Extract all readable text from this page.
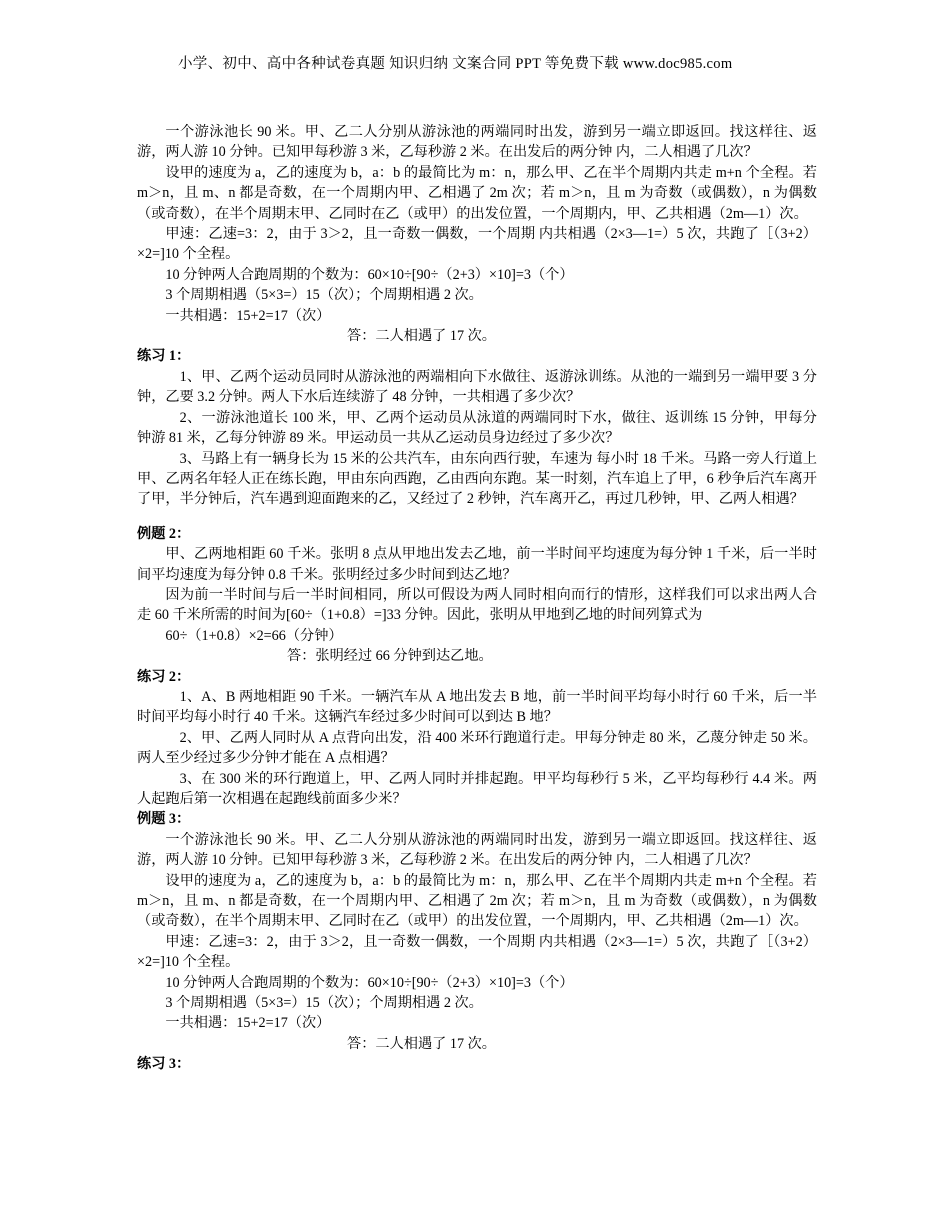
小学、初中、高中各种试卷真题 知识归纳 文案合同 PPT 等免费下载 www.doc985.com

一个游泳池长 90 米。甲、乙二人分别从游泳池的两端同时出发，游到另一端立即返回。找这样往、返游，两人游 10 分钟。已知甲每秒游 3 米，乙每秒游 2 米。在出发后的两分钟 内，二人相遇了几次？

设甲的速度为 a，乙的速度为 b，a：b 的最简比为 m：n，那么甲、乙在半个周期内共走 m+n 个全程。若 m＞n，且 m、n 都是奇数，在一个周期内甲、乙相遇了 2m 次；若 m＞n，且 m 为奇数（或偶数），n 为偶数（或奇数），在半个周期末甲、乙同时在乙（或甲）的出发位置，一个周期内，甲、乙共相遇（2m—1）次。

甲速：乙速=3：2，由于 3＞2，且一奇数一偶数，一个周期 内共相遇（2×3—1=）5 次，共跑了［（3+2）×2=]10 个全程。

10 分钟两人合跑周期的个数为：60×10÷[90÷（2+3）×10]=3（个）

3 个周期相遇（5×3=）15（次）；个周期相遇 2 次。

一共相遇：15+2=17（次）

答：二人相遇了 17 次。

练习 1：

1、甲、乙两个运动员同时从游泳池的两端相向下水做往、返游泳训练。从池的一端到另一端甲要 3 分钟，乙要 3.2 分钟。两人下水后连续游了 48 分钟，一共相遇了多少次？

2、一游泳池道长 100 米，甲、乙两个运动员从泳道的两端同时下水，做往、返训练 15 分钟，甲每分钟游 81 米，乙每分钟游 89 米。甲运动员一共从乙运动员身边经过了多少次？

3、马路上有一辆身长为 15 米的公共汽车，由东向西行驶，车速为 每小时 18 千米。马路一旁人行道上甲、乙两名年轻人正在练长跑，甲由东向西跑，乙由西向东跑。某一时刻，汽车追上了甲，6 秒争后汽车离开了甲，半分钟后，汽车遇到迎面跑来的乙，又经过了 2 秒钟，汽车离开乙，再过几秒钟，甲、乙两人相遇？

例题 2：

甲、乙两地相距 60 千米。张明 8 点从甲地出发去乙地，前一半时间平均速度为每分钟 1 千米，后一半时间平均速度为每分钟 0.8 千米。张明经过多少时间到达乙地？

因为前一半时间与后一半时间相同，所以可假设为两人同时相向而行的情形，这样我们可以求出两人合走 60 千米所需的时间为[60÷（1+0.8）=]33 分钟。因此，张明从甲地到乙地的时间列算式为

60÷（1+0.8）×2=66（分钟）

答：张明经过 66 分钟到达乙地。

练习 2：

1、A、B 两地相距 90 千米。一辆汽车从 A 地出发去 B 地，前一半时间平均每小时行 60 千米，后一半时间平均每小时行 40 千米。这辆汽车经过多少时间可以到达 B 地？

2、甲、乙两人同时从 A 点背向出发，沿 400 米环行跑道行走。甲每分钟走 80 米，乙蔑分钟走 50 米。两人至少经过多少分钟才能在 A 点相遇？

3、在 300 米的环行跑道上，甲、乙两人同时并排起跑。甲平均每秒行 5 米，乙平均每秒行 4.4 米。两人起跑后第一次相遇在起跑线前面多少米？

例题 3：

一个游泳池长 90 米。甲、乙二人分别从游泳池的两端同时出发，游到另一端立即返回。找这样往、返游，两人游 10 分钟。已知甲每秒游 3 米，乙每秒游 2 米。在出发后的两分钟 内，二人相遇了几次？

设甲的速度为 a，乙的速度为 b，a：b 的最简比为 m：n，那么甲、乙在半个周期内共走 m+n 个全程。若 m＞n，且 m、n 都是奇数，在一个周期内甲、乙相遇了 2m 次；若 m＞n，且 m 为奇数（或偶数），n 为偶数（或奇数），在半个周期末甲、乙同时在乙（或甲）的出发位置，一个周期内，甲、乙共相遇（2m—1）次。

甲速：乙速=3：2，由于 3＞2，且一奇数一偶数，一个周期 内共相遇（2×3—1=）5 次，共跑了［（3+2）×2=]10 个全程。

10 分钟两人合跑周期的个数为：60×10÷[90÷（2+3）×10]=3（个）

3 个周期相遇（5×3=）15（次）；个周期相遇 2 次。

一共相遇：15+2=17（次）

答：二人相遇了 17 次。

练习 3：
